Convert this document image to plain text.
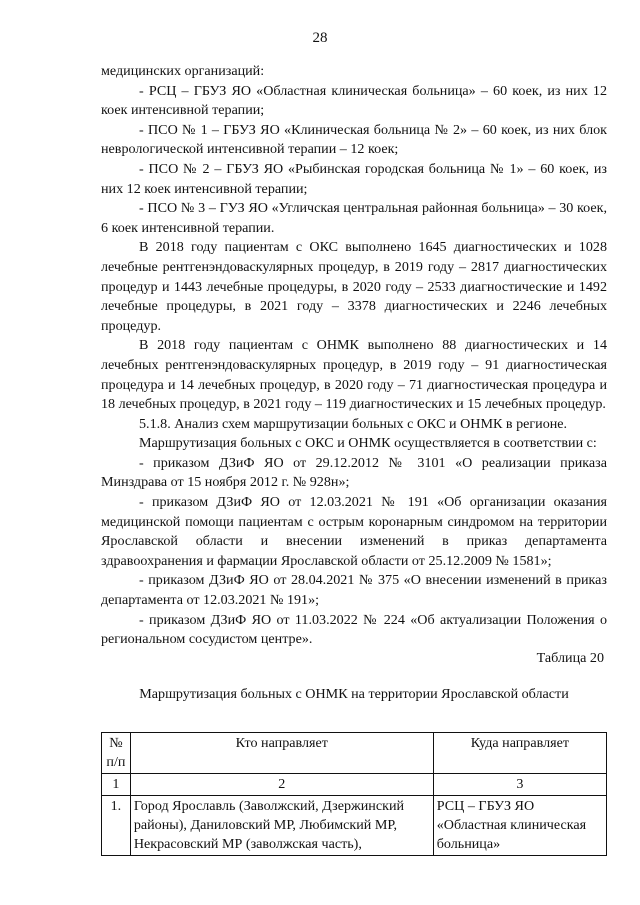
28

медицинских организаций:

- РСЦ – ГБУЗ ЯО «Областная клиническая больница» – 60 коек, из них 12 коек интенсивной терапии;

- ПСО № 1 – ГБУЗ ЯО «Клиническая больница № 2» – 60 коек, из них блок неврологической интенсивной терапии – 12 коек;

- ПСО № 2 – ГБУЗ ЯО «Рыбинская городская больница № 1» – 60 коек, из них 12 коек интенсивной терапии;

- ПСО № 3 – ГУЗ ЯО «Угличская центральная районная больница» – 30 коек, 6 коек интенсивной терапии.

В 2018 году пациентам с ОКС выполнено 1645 диагностических и 1028 лечебные рентгенэндоваскулярных процедур, в 2019 году – 2817 диагностических процедур и 1443 лечебные процедуры, в 2020 году – 2533 диагностические и 1492 лечебные процедуры, в 2021 году – 3378 диагностических и 2246 лечебных процедур.

В 2018 году пациентам с ОНМК выполнено 88 диагностических и 14 лечебных рентгенэндоваскулярных процедур, в 2019 году – 91 диагностическая процедура и 14 лечебных процедур, в 2020 году – 71 диагностическая процедура и 18 лечебных процедур, в 2021 году – 119 диагностических и 15 лечебных процедур.

5.1.8. Анализ схем маршрутизации больных с ОКС и ОНМК в регионе.

Маршрутизация больных с ОКС и ОНМК осуществляется в соответствии с:

- приказом ДЗиФ ЯО от 29.12.2012 № 3101 «О реализации приказа Минздрава от 15 ноября 2012 г. № 928н»;

- приказом ДЗиФ ЯО от 12.03.2021 № 191 «Об организации оказания медицинской помощи пациентам с острым коронарным синдромом на территории Ярославской области и внесении изменений в приказ департамента здравоохранения и фармации Ярославской области от 25.12.2009 № 1581»;

- приказом ДЗиФ ЯО от 28.04.2021 № 375 «О внесении изменений в приказ департамента от 12.03.2021 № 191»;

- приказом ДЗиФ ЯО от 11.03.2022 № 224 «Об актуализации Положения о региональном сосудистом центре».

Таблица 20
Маршрутизация больных с ОНМК на территории Ярославской области
№ п/п	Кто направляет	Куда направляет
1	2	3
1.	Город Ярославль (Заволжский, Дзержинский районы), Даниловский МР, Любимский МР, Некрасовский МР (заволжская часть),	РСЦ – ГБУЗ ЯО «Областная клиническая больница»
